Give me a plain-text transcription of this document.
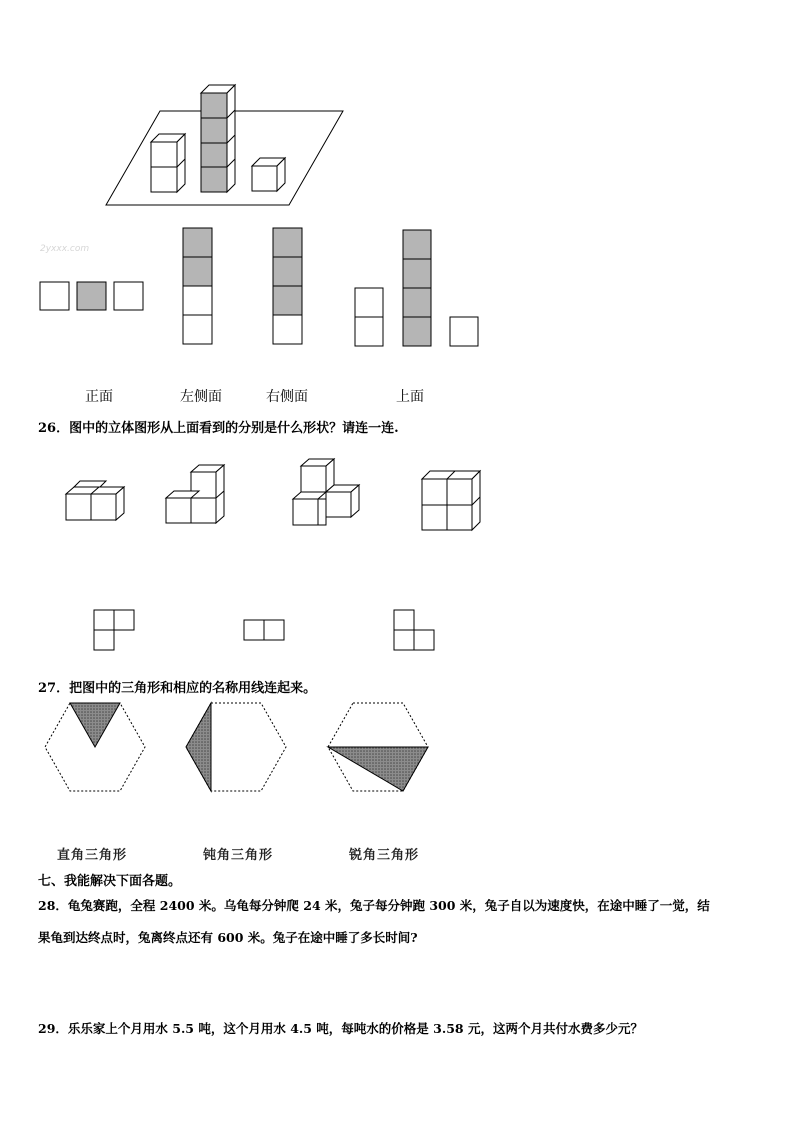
2yxxx.com
正面	左侧面	右侧面	上面
26．图中的立体图形从上面看到的分别是什么形状？请连一连.
27．把图中的三角形和相应的名称用线连起来。
直角三角形	钝角三角形	锐角三角形
七、我能解决下面各题。
28．龟兔赛跑，全程 2400 米。乌龟每分钟爬 24 米，兔子每分钟跑 300 米，兔子自以为速度快，在途中睡了一觉，结
果龟到达终点时，兔离终点还有 600 米。兔子在途中睡了多长时间?
29．乐乐家上个月用水 5.5 吨，这个月用水 4.5 吨，每吨水的价格是 3.58 元，这两个月共付水费多少元？
